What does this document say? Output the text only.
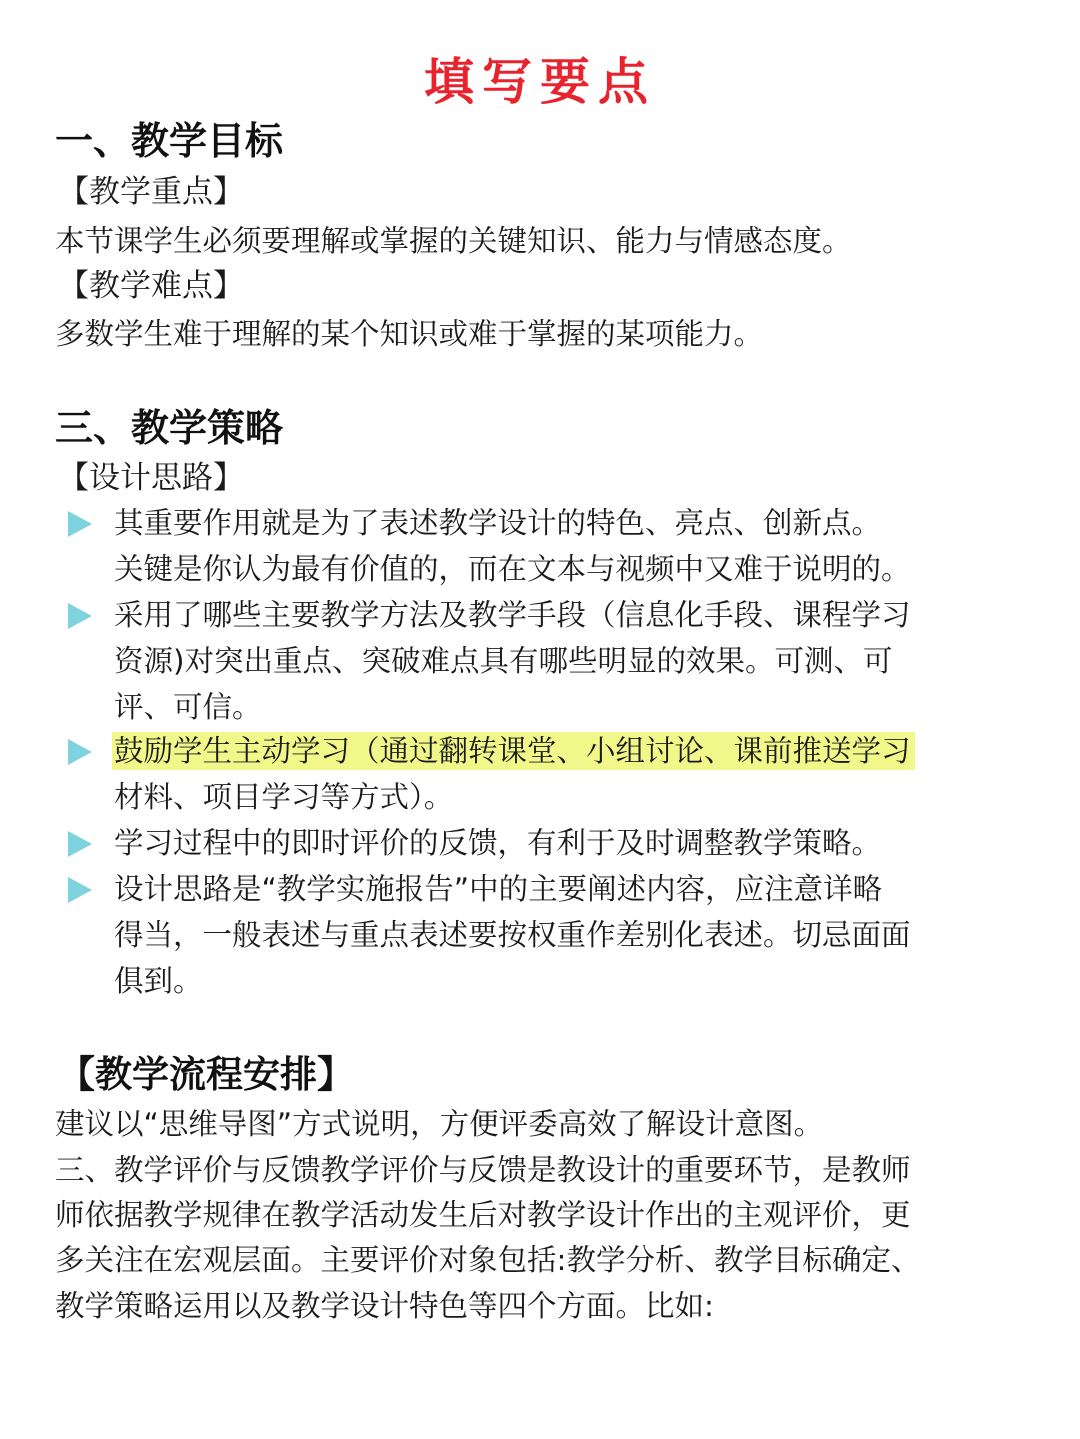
填写要点
一、教学目标
【教学重点】
本节课学生必须要理解或掌握的关键知识、能力与情感态度。
【教学难点】
多数学生难于理解的某个知识或难于掌握的某项能力。
三、教学策略
【设计思路】
其重要作用就是为了表述教学设计的特色、亮点、创新点。
关键是你认为最有价值的，而在文本与视频中又难于说明的。
采用了哪些主要教学方法及教学手段（信息化手段、课程学习
资源)对突出重点、突破难点具有哪些明显的效果。可测、可
评、可信。
鼓励学生主动学习（通过翻转课堂、小组讨论、课前推送学习
材料、项目学习等方式）。
学习过程中的即时评价的反馈，有利于及时调整教学策略。
设计思路是“教学实施报告”中的主要阐述内容，应注意详略
得当，一般表述与重点表述要按权重作差别化表述。切忌面面
俱到。
【教学流程安排】
建议以“思维导图”方式说明，方便评委高效了解设计意图。
三、教学评价与反馈教学评价与反馈是教设计的重要环节，是教师
师依据教学规律在教学活动发生后对教学设计作出的主观评价，更
多关注在宏观层面。主要评价对象包括:教学分析、教学目标确定、
教学策略运用以及教学设计特色等四个方面。比如:
